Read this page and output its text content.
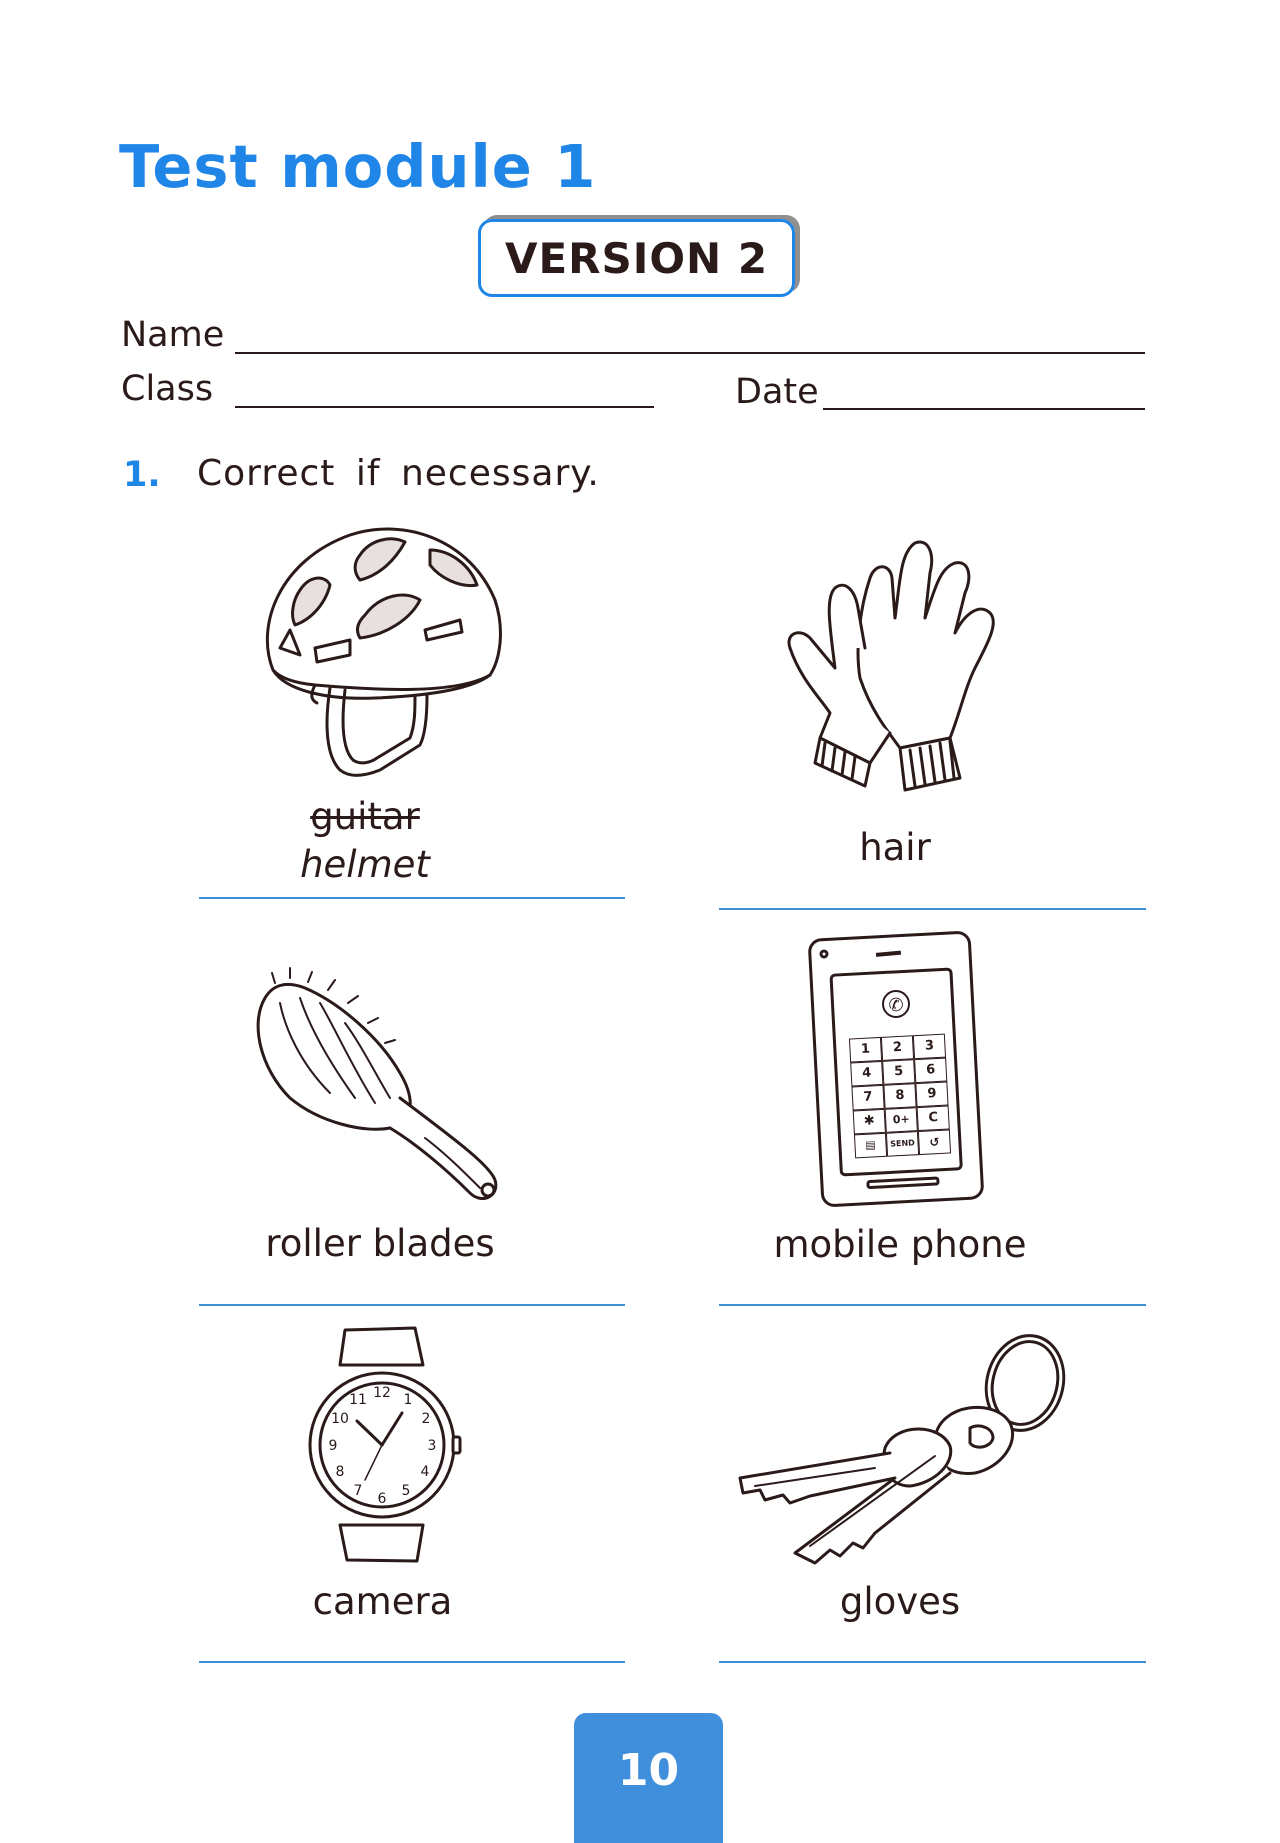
Test module 1
VERSION 2
Name
Class	Date
1. Correct if necessary.
guitar
helmet	hair
roller blades
✆
1	2	3
4	5	6
7	8	9
✱	0+	C
▤	SEND	↺
mobile phone
12 1
2
3
4
5
6
7
8
9
10
11
camera	gloves
10
